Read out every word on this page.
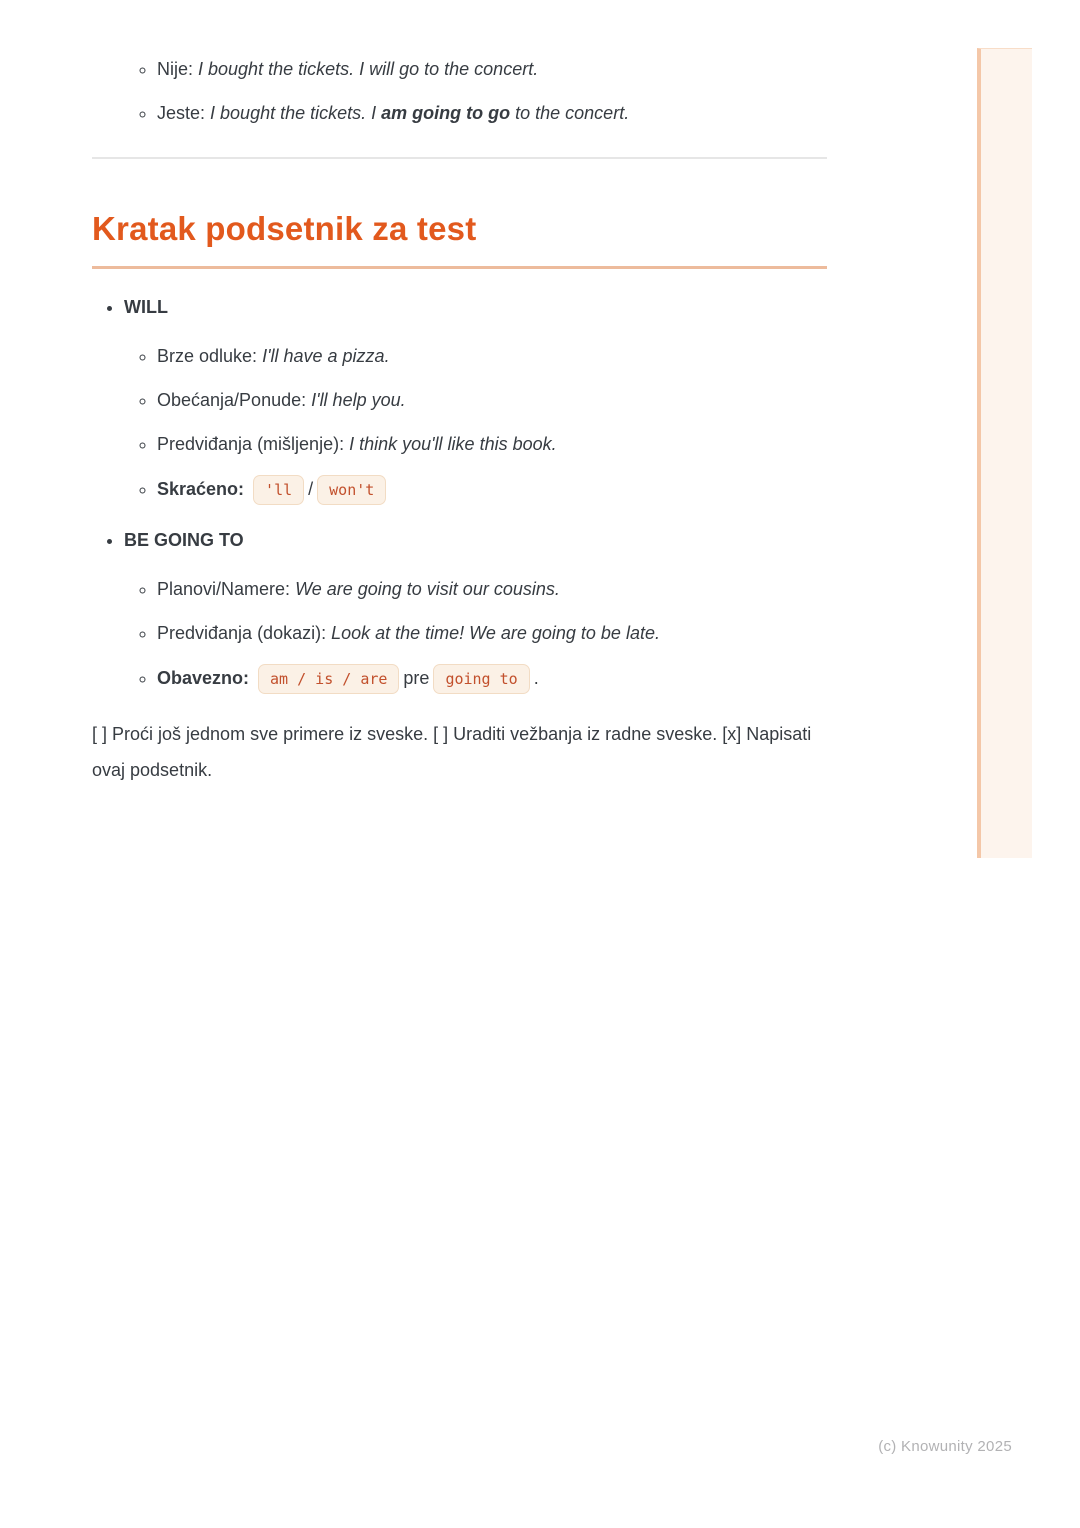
◦ Nije: I bought the tickets. I will go to the concert.
◦ Jeste: I bought the tickets. I am going to go to the concert.
Kratak podsetnik za test
• WILL
◦ Brze odluke: I'll have a pizza.
◦ Obećanja/Ponude: I'll help you.
◦ Predviđanja (mišljenje): I think you'll like this book.
◦ Skraćeno: 'll / won't
• BE GOING TO
◦ Planovi/Namere: We are going to visit our cousins.
◦ Predviđanja (dokazi): Look at the time! We are going to be late.
◦ Obavezno: am / is / are pre going to .

[ ] Proći još jednom sve primere iz sveske. [ ] Uraditi vežbanja iz radne sveske. [x] Napisati ovaj podsetnik.

(c) Knowunity 2025
